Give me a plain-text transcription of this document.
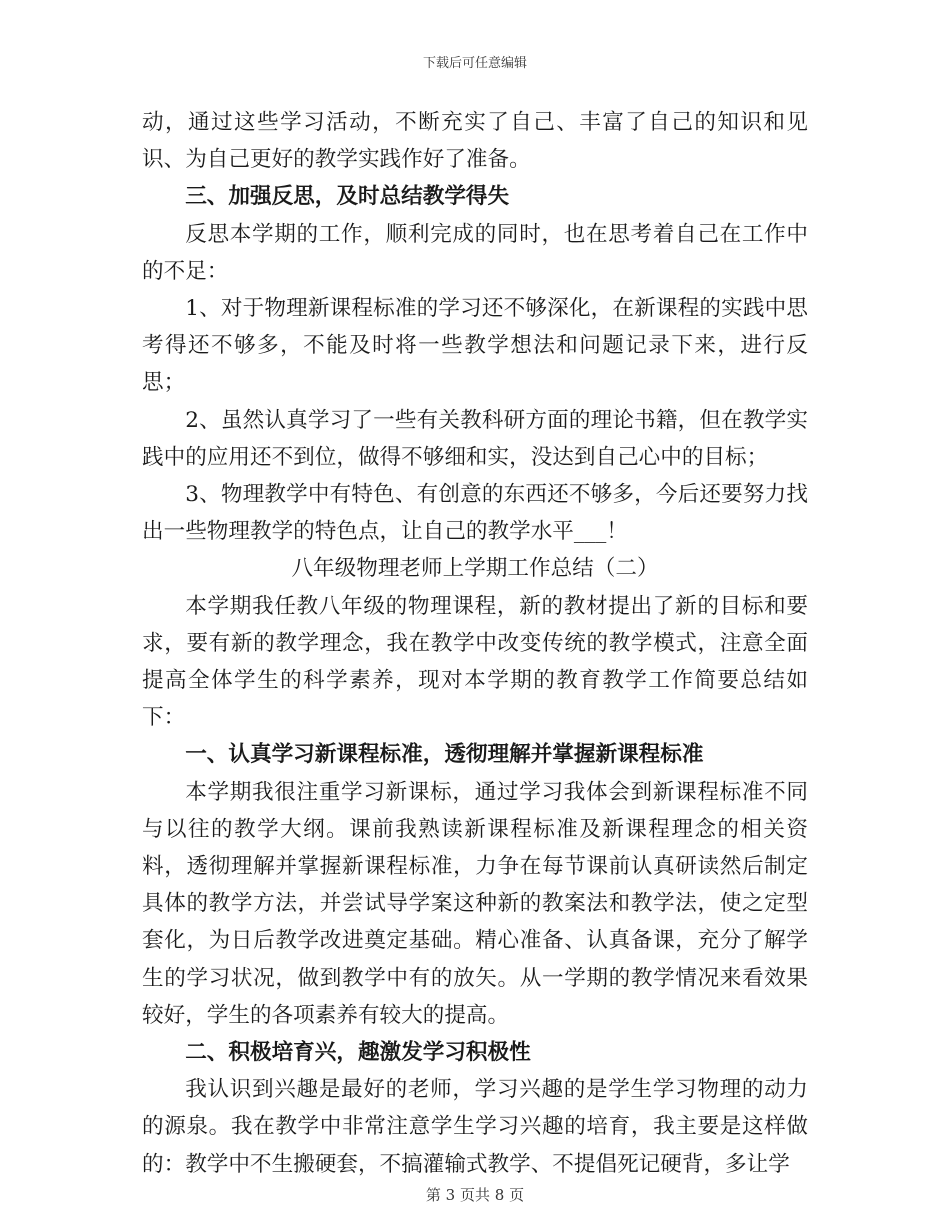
下载后可任意编辑

动，通过这些学习活动，不断充实了自己、丰富了自己的知识和见识、为自己更好的教学实践作好了准备。

三、加强反思，及时总结教学得失

反思本学期的工作，顺利完成的同时，也在思考着自己在工作中的不足：

1、对于物理新课程标准的学习还不够深化，在新课程的实践中思考得还不够多，不能及时将一些教学想法和问题记录下来，进行反思；

2、虽然认真学习了一些有关教科研方面的理论书籍，但在教学实践中的应用还不到位，做得不够细和实，没达到自己心中的目标；

3、物理教学中有特色、有创意的东西还不够多，今后还要努力找出一些物理教学的特色点，让自己的教学水平___！

八年级物理老师上学期工作总结（二）

本学期我任教八年级的物理课程，新的教材提出了新的目标和要求，要有新的教学理念，我在教学中改变传统的教学模式，注意全面提高全体学生的科学素养，现对本学期的教育教学工作简要总结如下：

一、认真学习新课程标准，透彻理解并掌握新课程标准

本学期我很注重学习新课标，通过学习我体会到新课程标准不同与以往的教学大纲。课前我熟读新课程标准及新课程理念的相关资料，透彻理解并掌握新课程标准，力争在每节课前认真研读然后制定具体的教学方法，并尝试导学案这种新的教案法和教学法，使之定型套化，为日后教学改进奠定基础。精心准备、认真备课，充分了解学生的学习状况，做到教学中有的放矢。从一学期的教学情况来看效果较好，学生的各项素养有较大的提高。

二、积极培育兴，趣激发学习积极性

我认识到兴趣是最好的老师，学习兴趣的是学生学习物理的动力的源泉。我在教学中非常注意学生学习兴趣的培育，我主要是这样做的：教学中不生搬硬套，不搞灌输式教学、不提倡死记硬背，多让学

第 3 页共 8 页
